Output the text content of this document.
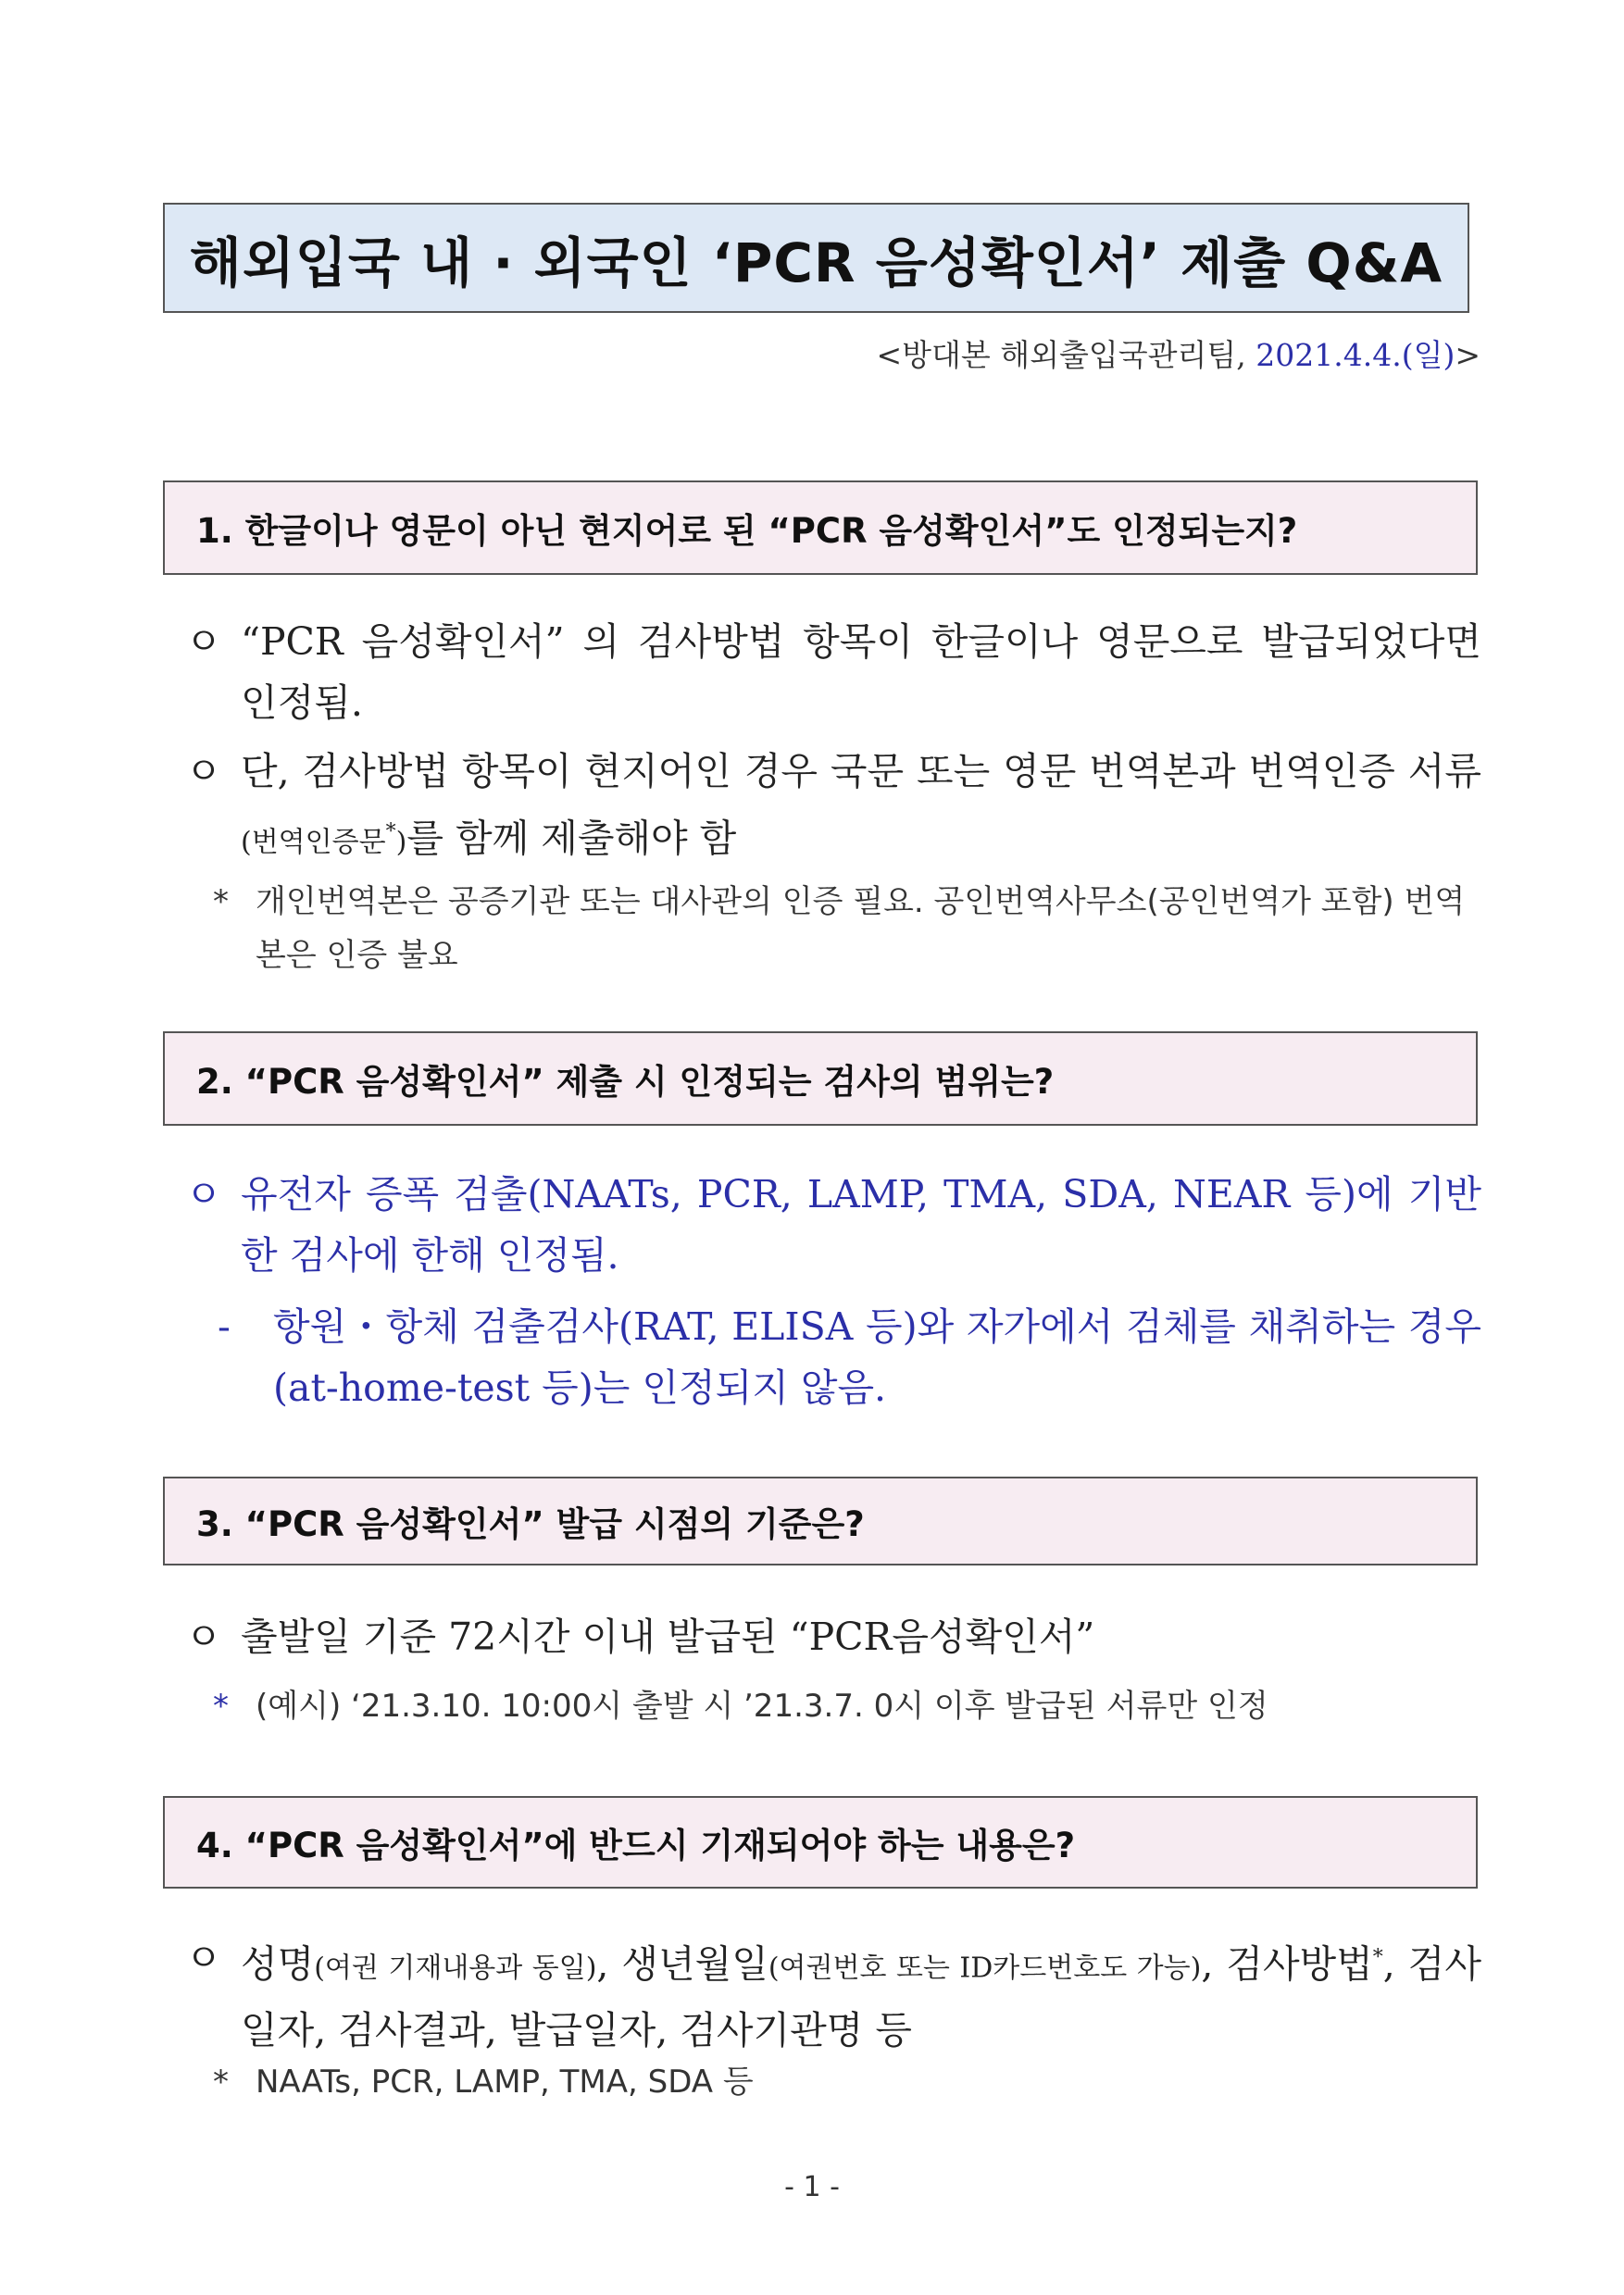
해외입국 내 · 외국인 ‘PCR 음성확인서’ 제출 Q&A
<방대본 해외출입국관리팀, 2021.4.4.(일)>
1. 한글이나 영문이 아닌 현지어로 된 “PCR 음성확인서”도 인정되는지?
ㅇ “PCR 음성확인서” 의 검사방법 항목이 한글이나 영문으로 발급되었다면 인정됨.
ㅇ 단, 검사방법 항목이 현지어인 경우 국문 또는 영문 번역본과 번역인증 서류(번역인증문*)를 함께 제출해야 함
* 개인번역본은 공증기관 또는 대사관의 인증 필요. 공인번역사무소(공인번역가 포함) 번역본은 인증 불요
2. “PCR 음성확인서” 제출 시 인정되는 검사의 범위는?
ㅇ 유전자 증폭 검출(NAATs, PCR, LAMP, TMA, SDA, NEAR 등)에 기반한 검사에 한해 인정됨.
-	항원・항체 검출검사(RAT, ELISA 등)와 자가에서 검체를 채취하는 경우(at-home-test 등)는 인정되지 않음.
3. “PCR 음성확인서” 발급 시점의 기준은?
ㅇ 출발일 기준 72시간 이내 발급된 “PCR음성확인서”
* (예시) ‘21.3.10. 10:00시 출발 시 ’21.3.7. 0시 이후 발급된 서류만 인정
4. “PCR 음성확인서”에 반드시 기재되어야 하는 내용은?
ㅇ 성명(여권 기재내용과 동일), 생년월일(여권번호 또는 ID카드번호도 가능), 검사방법*, 검사일자, 검사결과, 발급일자, 검사기관명 등
* NAATs, PCR, LAMP, TMA, SDA 등
- 1 -
